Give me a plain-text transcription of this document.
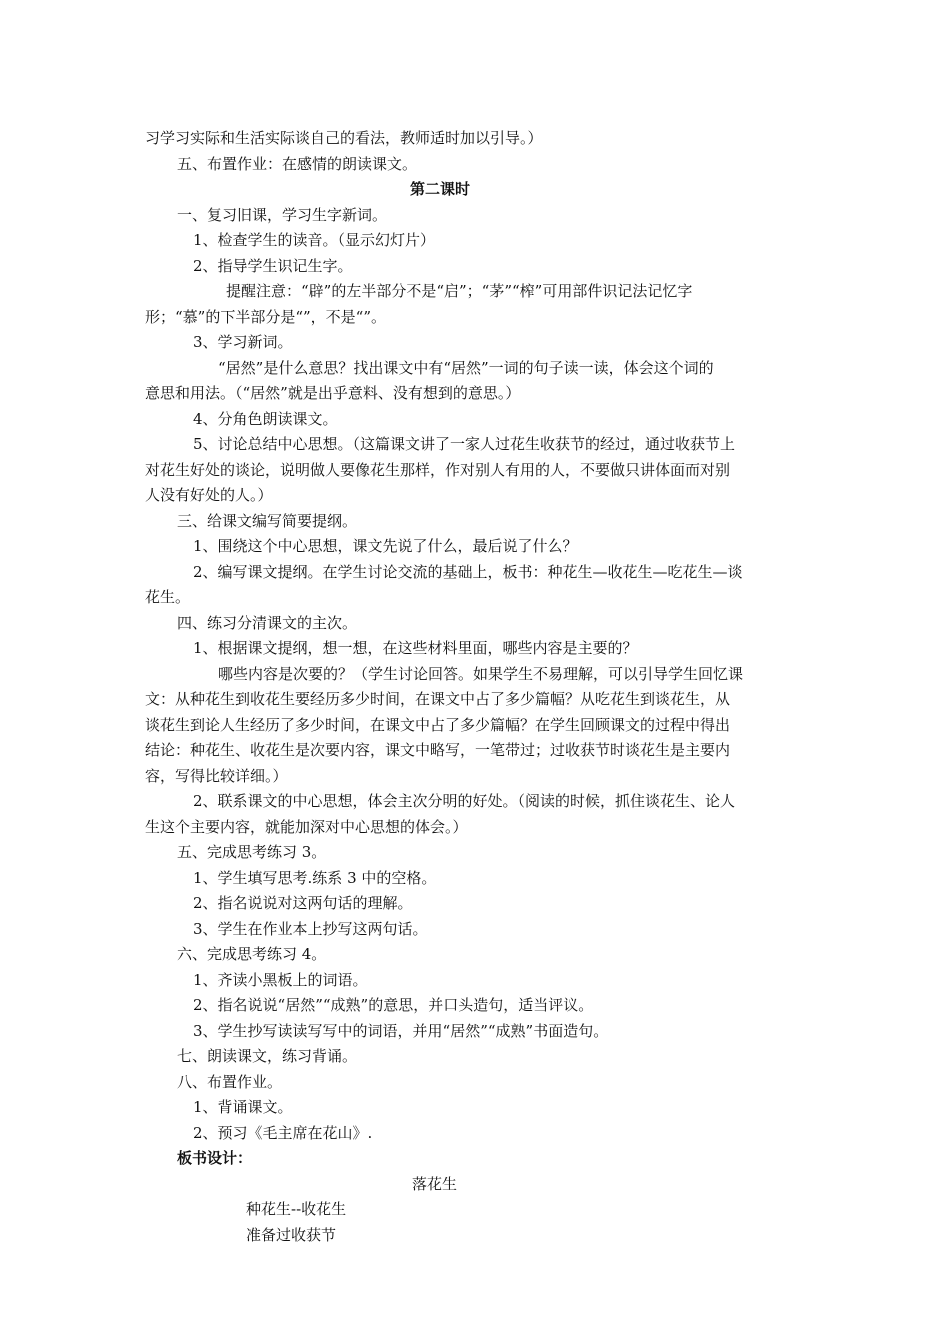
习学习实际和生活实际谈自己的看法，教师适时加以引导。）
五、布置作业：在感情的朗读课文。
第二课时
一、复习旧课，学习生字新词。
1、检查学生的读音。（显示幻灯片）
2、指导学生识记生字。
提醒注意：“辟”的左半部分不是“启”；“茅”“榨”可用部件识记法记忆字
形；“慕”的下半部分是“”，不是“”。
3、学习新词。
“居然”是什么意思？找出课文中有“居然”一词的句子读一读，体会这个词的
意思和用法。（“居然”就是出乎意料、没有想到的意思。）
4、分角色朗读课文。
5、讨论总结中心思想。（这篇课文讲了一家人过花生收获节的经过，通过收获节上
对花生好处的谈论，说明做人要像花生那样，作对别人有用的人，不要做只讲体面而对别
人没有好处的人。）
三、给课文编写简要提纲。
1、围绕这个中心思想，课文先说了什么，最后说了什么？
2、编写课文提纲。在学生讨论交流的基础上，板书：种花生—收花生—吃花生—谈
花生。
四、练习分清课文的主次。
1、根据课文提纲，想一想，在这些材料里面，哪些内容是主要的？
哪些内容是次要的？（学生讨论回答。如果学生不易理解，可以引导学生回忆课
文：从种花生到收花生要经历多少时间，在课文中占了多少篇幅？从吃花生到谈花生，从
谈花生到论人生经历了多少时间，在课文中占了多少篇幅？在学生回顾课文的过程中得出
结论：种花生、收花生是次要内容，课文中略写，一笔带过；过收获节时谈花生是主要内
容，写得比较详细。）
2、联系课文的中心思想，体会主次分明的好处。（阅读的时候，抓住谈花生、论人
生这个主要内容，就能加深对中心思想的体会。）
五、完成思考练习 3。
1、学生填写思考.练系 3 中的空格。
2、指名说说对这两句话的理解。
3、学生在作业本上抄写这两句话。
六、完成思考练习 4。
1、齐读小黑板上的词语。
2、指名说说“居然”“成熟”的意思，并口头造句，适当评议。
3、学生抄写读读写写中的词语，并用“居然”“成熟”书面造句。
七、朗读课文，练习背诵。
八、布置作业。
1、背诵课文。
2、预习《毛主席在花山》.
板书设计：
落花生
种花生--收花生
准备过收获节
